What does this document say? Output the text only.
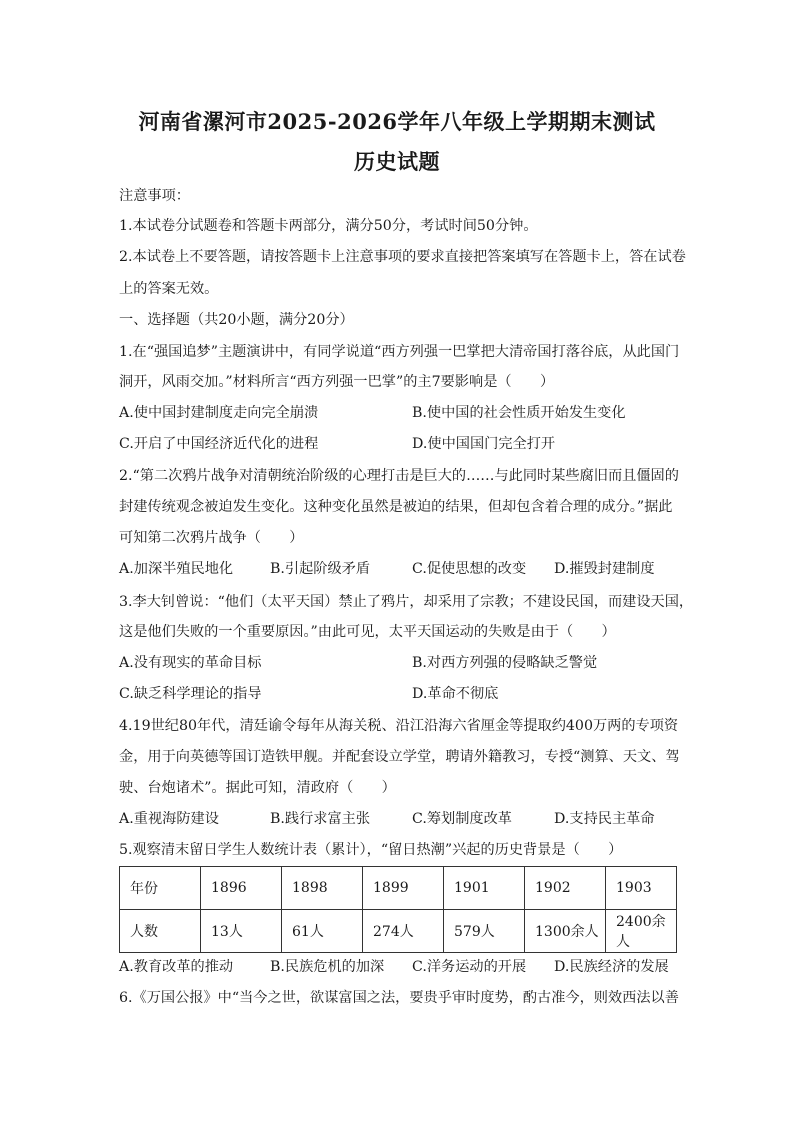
河南省漯河市2025-2026学年八年级上学期期末测试
历史试题
注意事项：
1.本试卷分试题卷和答题卡两部分，满分50分，考试时间50分钟。
2.本试卷上不要答题，请按答题卡上注意事项的要求直接把答案填写在答题卡上，答在试卷
上的答案无效。
一、选择题（共20小题，满分20分）
1.在“强国追梦”主题演讲中，有同学说道“西方列强一巴掌把大清帝国打落谷底，从此国门
洞开，风雨交加。”材料所言“西方列强一巴掌”的主7要影响是（　　）
A.使中国封建制度走向完全崩溃	B.使中国的社会性质开始发生变化
C.开启了中国经济近代化的进程	D.使中国国门完全打开
2.“第二次鸦片战争对清朝统治阶级的心理打击是巨大的……与此同时某些腐旧而且僵固的
封建传统观念被迫发生变化。这种变化虽然是被迫的结果，但却包含着合理的成分。”据此
可知第二次鸦片战争（　　）
A.加深半殖民地化	B.引起阶级矛盾	C.促使思想的改变 D.摧毁封建制度
3.李大钊曾说：“他们（太平天国）禁止了鸦片，却采用了宗教；不建设民国，而建设天国，
这是他们失败的一个重要原因。”由此可见，太平天国运动的失败是由于（　　）
A.没有现实的革命目标	B.对西方列强的侵略缺乏警觉
C.缺乏科学理论的指导	D.革命不彻底
4.19世纪80年代，清廷谕令每年从海关税、沿江沿海六省厘金等提取约400万两的专项资
金，用于向英德等国订造铁甲舰。并配套设立学堂，聘请外籍教习，专授“测算、天文、驾
驶、台炮诸术”。据此可知，清政府（　　）
A.重视海防建设	B.践行求富主张	C.筹划制度改革	D.支持民主革命
5.观察清末留日学生人数统计表（累计），“留日热潮”兴起的历史背景是（　　）
年份	1896	1898	1899	1901	1902	1903
人数	13人	61人	274人	579人	1300余人	2400余人
A.教育改革的推动	B.民族危机的加深 C.洋务运动的开展 D.民族经济的发展
6.《万国公报》中“当今之世，欲谋富国之法，要贵乎审时度势，酌古准今，则效西法以善
